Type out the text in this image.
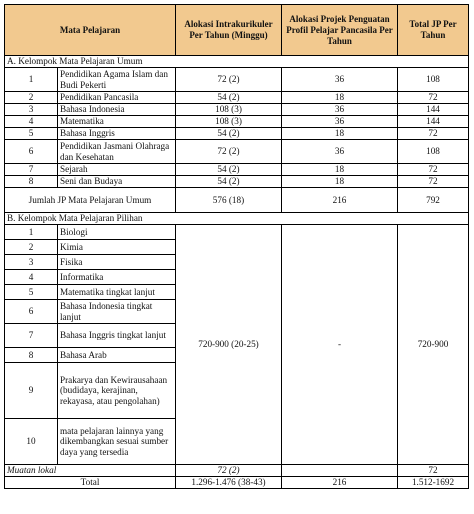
Mata Pelajaran		Alokasi Intrakurikuler Per Tahun (Minggu)	Alokasi Projek Penguatan Profil Pelajar Pancasila Per Tahun	Total JP Per Tahun
A. Kelompok Mata Pelajaran Umum				
1	Pendidikan Agama Islam dan Budi Pekerti	72 (2)	36	108
2	Pendidikan Pancasila	54 (2)	18	72
3	Bahasa Indonesia	108 (3)	36	144
4	Matematika	108 (3)	36	144
5	Bahasa Inggris	54 (2)	18	72
6	Pendidikan Jasmani Olahraga dan Kesehatan	72 (2)	36	108
7	Sejarah	54 (2)	18	72
8	Seni dan Budaya	54 (2)	18	72
Jumlah JP Mata Pelajaran Umum		576 (18)	216	792
B. Kelompok Mata Pelajaran Pilihan				
1	Biologi	720-900 (20-25)	-	720-900
2	Kimia			
3	Fisika			
4	Informatika			
5	Matematika tingkat lanjut			
6	Bahasa Indonesia tingkat lanjut			
7	Bahasa Inggris tingkat lanjut			
8	Bahasa Arab			
9	Prakarya dan Kewirausahaan (budidaya, kerajinan, rekayasa, atau pengolahan)			
10	mata pelajaran lainnya yang dikembangkan sesuai sumber daya yang tersedia			
Muatan lokal		72 (2)		72
Total		1.296-1.476 (38-43)	216	1.512-1692
